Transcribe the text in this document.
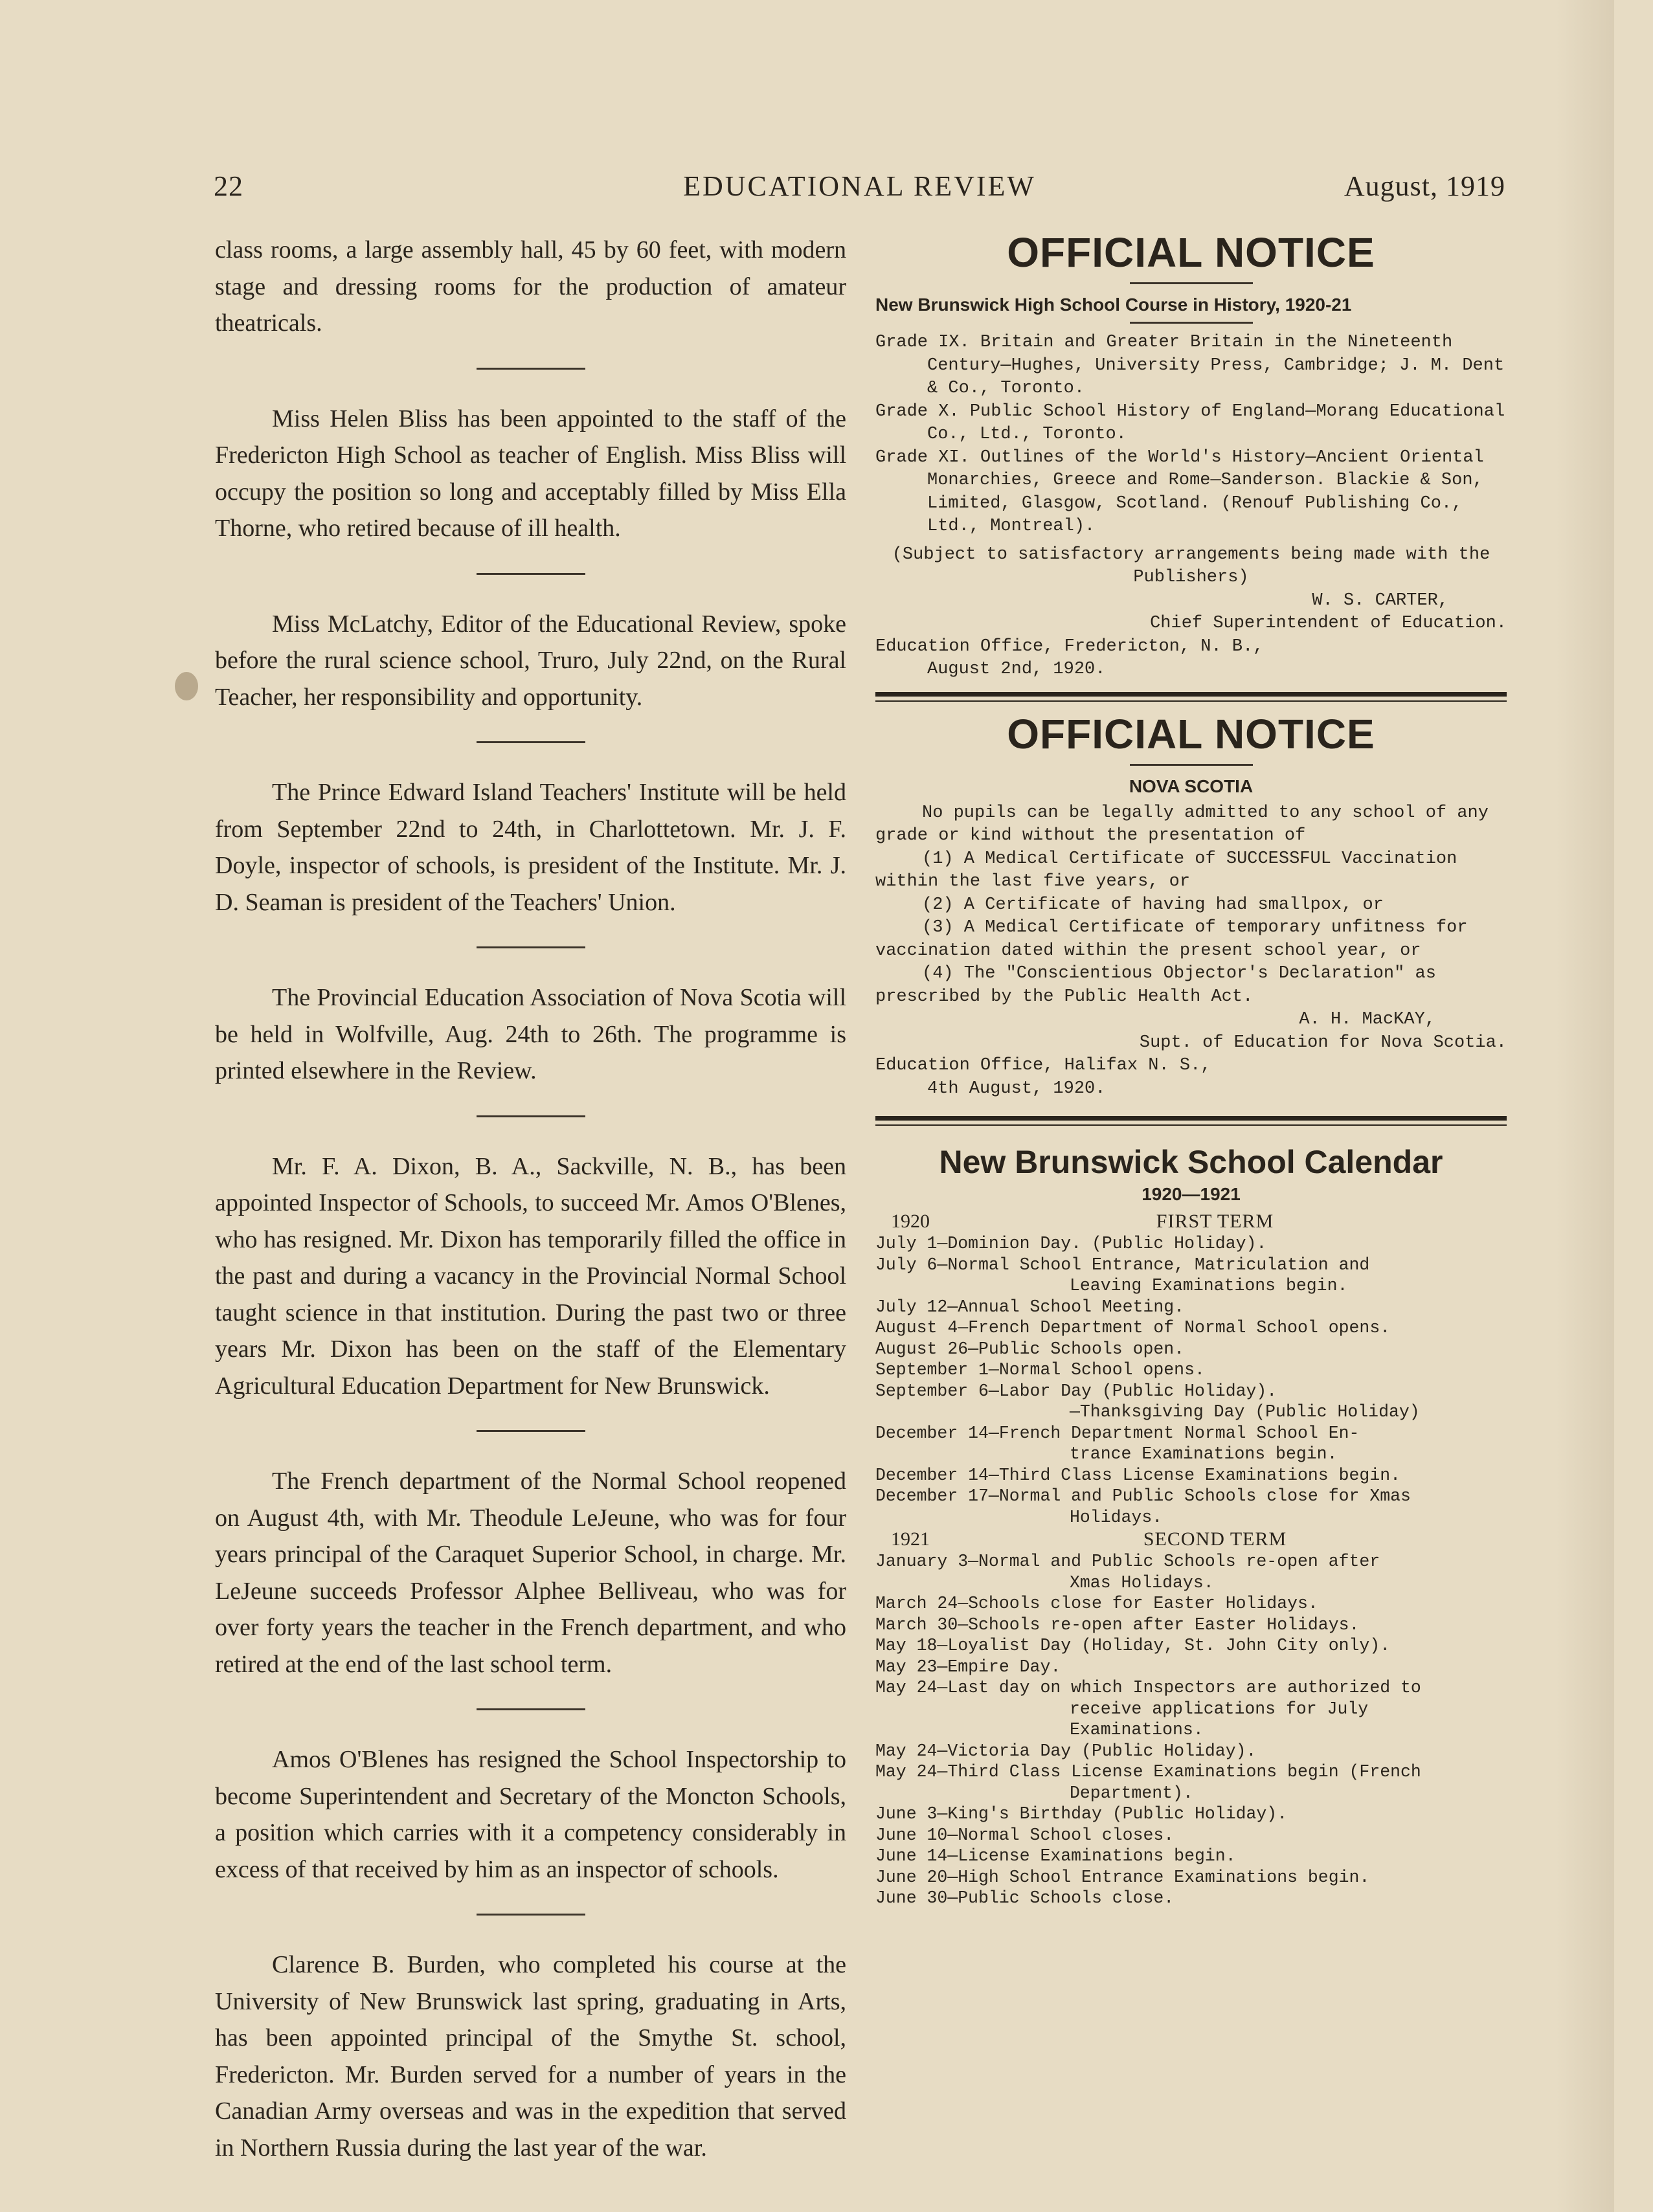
22	EDUCATIONAL REVIEW	August, 1919

class rooms, a large assembly hall, 45 by 60 feet, with modern stage and dressing rooms for the production of amateur theatricals.

Miss Helen Bliss has been appointed to the staff of the Fredericton High School as teacher of English. Miss Bliss will occupy the position so long and acceptably filled by Miss Ella Thorne, who retired because of ill health.

Miss McLatchy, Editor of the Educational Review, spoke before the rural science school, Truro, July 22nd, on the Rural Teacher, her responsibility and opportunity.

The Prince Edward Island Teachers' Institute will be held from September 22nd to 24th, in Charlottetown. Mr. J. F. Doyle, inspector of schools, is president of the Institute. Mr. J. D. Seaman is president of the Teachers' Union.

The Provincial Education Association of Nova Scotia will be held in Wolfville, Aug. 24th to 26th. The programme is printed elsewhere in the Review.

Mr. F. A. Dixon, B. A., Sackville, N. B., has been appointed Inspector of Schools, to succeed Mr. Amos O'Blenes, who has resigned. Mr. Dixon has temporarily filled the office in the past and during a vacancy in the Provincial Normal School taught science in that institution. During the past two or three years Mr. Dixon has been on the staff of the Elementary Agricultural Education Department for New Brunswick.

The French department of the Normal School reopened on August 4th, with Mr. Theodule LeJeune, who was for four years principal of the Caraquet Superior School, in charge. Mr. LeJeune succeeds Professor Alphee Belliveau, who was for over forty years the teacher in the French department, and who retired at the end of the last school term.

Amos O'Blenes has resigned the School Inspectorship to become Superintendent and Secretary of the Moncton Schools, a position which carries with it a competency considerably in excess of that received by him as an inspector of schools.

Clarence B. Burden, who completed his course at the University of New Brunswick last spring, graduating in Arts, has been appointed principal of the Smythe St. school, Fredericton. Mr. Burden served for a number of years in the Canadian Army overseas and was in the expedition that served in Northern Russia during the last year of the war.

OFFICIAL NOTICE
New Brunswick High School Course in History, 1920-21

Grade IX. Britain and Greater Britain in the Nineteenth Century—Hughes, University Press, Cambridge; J. M. Dent & Co., Toronto.

Grade X. Public School History of England—Morang Educational Co., Ltd., Toronto.

Grade XI. Outlines of the World's History—Ancient Oriental Monarchies, Greece and Rome—Sanderson. Blackie & Son, Limited, Glasgow, Scotland. (Renouf Publishing Co., Ltd., Montreal).

(Subject to satisfactory arrangements being made with the Publishers)

W. S. CARTER,

Chief Superintendent of Education.

Education Office, Fredericton, N. B.,

August 2nd, 1920.

OFFICIAL NOTICE
NOVA SCOTIA

No pupils can be legally admitted to any school of any grade or kind without the presentation of

(1) A Medical Certificate of SUCCESSFUL Vaccination within the last five years, or

(2) A Certificate of having had smallpox, or

(3) A Medical Certificate of temporary unfitness for vaccination dated within the present school year, or

(4) The "Conscientious Objector's Declaration" as prescribed by the Public Health Act.

A. H. MacKAY,

Supt. of Education for Nova Scotia.

Education Office, Halifax N. S.,

4th August, 1920.

New Brunswick School Calendar
1920—1921
1920	FIRST TERM

July 1—Dominion Day. (Public Holiday).

July 6—Normal School Entrance, Matriculation and

Leaving Examinations begin.

July 12—Annual School Meeting.

August 4—French Department of Normal School opens.

August 26—Public Schools open.

September 1—Normal School opens.

September 6—Labor Day (Public Holiday).

—Thanksgiving Day (Public Holiday)

December 14—French Department Normal School En-

trance Examinations begin.

December 14—Third Class License Examinations begin.

December 17—Normal and Public Schools close for Xmas

Holidays.

1921	SECOND TERM

January 3—Normal and Public Schools re-open after

Xmas Holidays.

March 24—Schools close for Easter Holidays.

March 30—Schools re-open after Easter Holidays.

May 18—Loyalist Day (Holiday, St. John City only).

May 23—Empire Day.

May 24—Last day on which Inspectors are authorized to

receive applications for July Examinations.

May 24—Victoria Day (Public Holiday).

May 24—Third Class License Examinations begin (French

Department).

June 3—King's Birthday (Public Holiday).

June 10—Normal School closes.

June 14—License Examinations begin.

June 20—High School Entrance Examinations begin.

June 30—Public Schools close.
